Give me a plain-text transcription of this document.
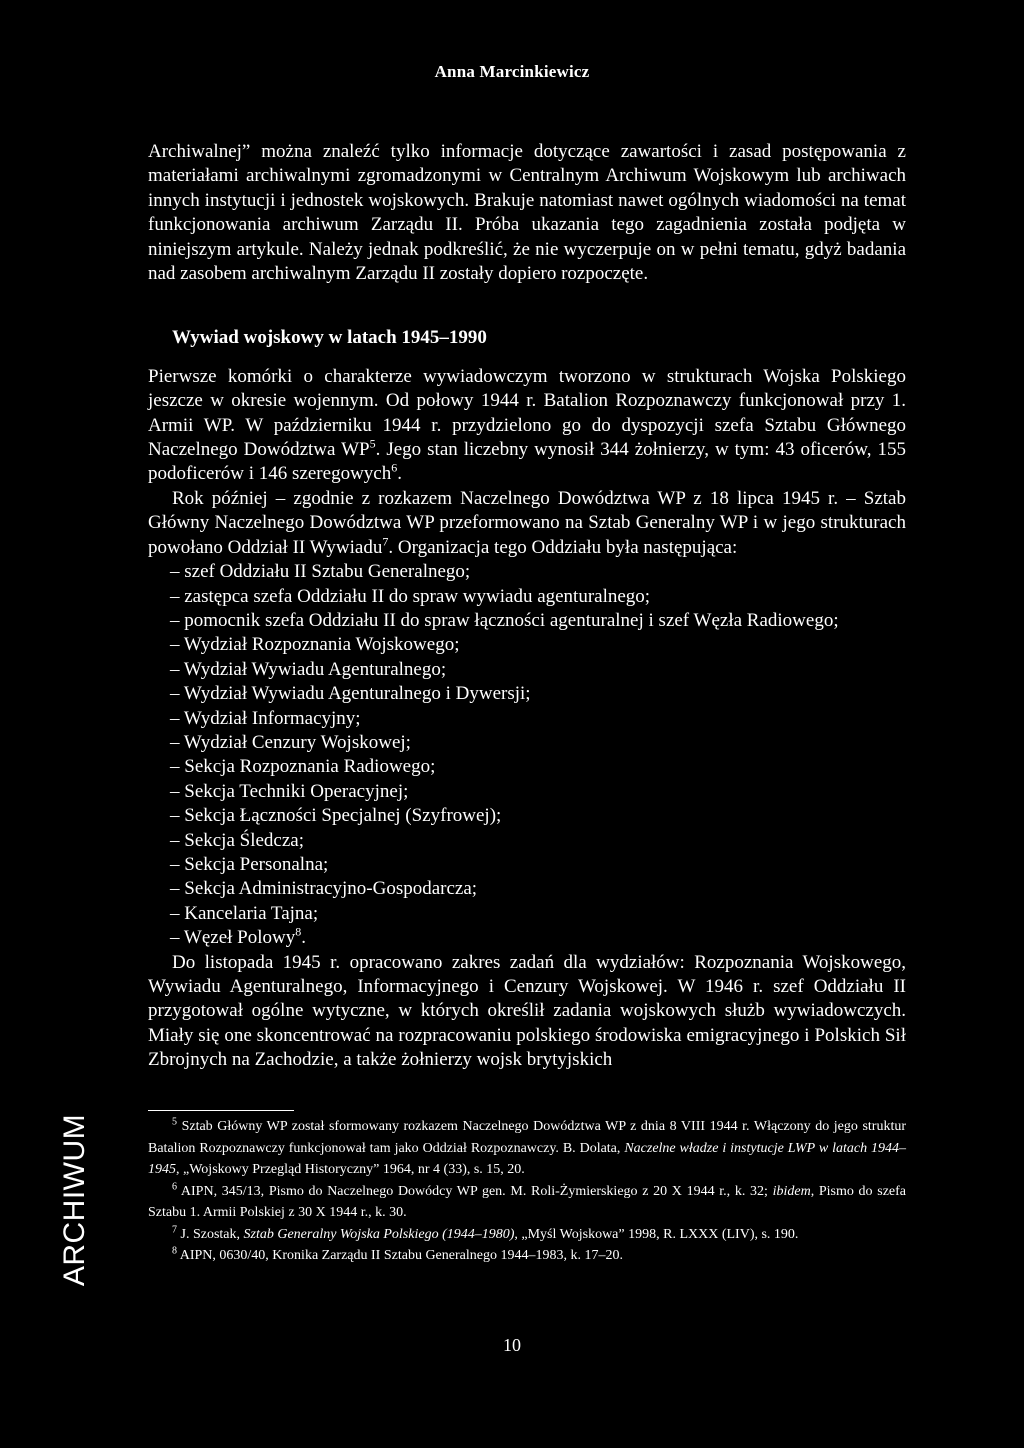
Anna Marcinkiewicz

Archiwalnej” można znaleźć tylko informacje dotyczące zawartości i zasad postępowania z materiałami archiwalnymi zgromadzonymi w Centralnym Archiwum Wojskowym lub archiwach innych instytucji i jednostek wojskowych. Brakuje natomiast nawet ogólnych wiadomości na temat funkcjonowania archiwum Zarządu II. Próba ukazania tego zagadnienia została podjęta w niniejszym artykule. Należy jednak podkreślić, że nie wyczerpuje on w pełni tematu, gdyż badania nad zasobem archiwalnym Zarządu II zostały dopiero rozpoczęte.

Wywiad wojskowy w latach 1945–1990

Pierwsze komórki o charakterze wywiadowczym tworzono w strukturach Wojska Polskiego jeszcze w okresie wojennym. Od połowy 1944 r. Batalion Rozpoznawczy funkcjonował przy 1. Armii WP. W październiku 1944 r. przydzielono go do dyspozycji szefa Sztabu Głównego Naczelnego Dowództwa $WP^5$. Jego stan liczebny wynosił 344 żołnierzy, w tym: 43 oficerów, 155 podoficerów i 146 szeregowych$^6$.

Rok później – zgodnie z rozkazem Naczelnego Dowództwa WP z 18 lipca 1945 r. – Sztab Główny Naczelnego Dowództwa WP przeformowano na Sztab Generalny WP i w jego strukturach powołano Oddział II Wywiadu$^7$. Organizacja tego Oddziału była następująca:

– szef Oddziału II Sztabu Generalnego;
– zastępca szefa Oddziału II do spraw wywiadu agenturalnego;
– pomocnik szefa Oddziału II do spraw łączności agenturalnej i szef Węzła Radiowego;
– Wydział Rozpoznania Wojskowego;
– Wydział Wywiadu Agenturalnego;
– Wydział Wywiadu Agenturalnego i Dywersji;
– Wydział Informacyjny;
– Wydział Cenzury Wojskowej;
– Sekcja Rozpoznania Radiowego;
– Sekcja Techniki Operacyjnej;
– Sekcja Łączności Specjalnej (Szyfrowej);
– Sekcja Śledcza;
– Sekcja Personalna;
– Sekcja Administracyjno-Gospodarcza;
– Kancelaria Tajna;
– Węzeł Polowy$^8$.

Do listopada 1945 r. opracowano zakres zadań dla wydziałów: Rozpoznania Wojskowego, Wywiadu Agenturalnego, Informacyjnego i Cenzury Wojskowej. W 1946 r. szef Oddziału II przygotował ogólne wytyczne, w których określił zadania wojskowych służb wywiadowczych. Miały się one skoncentrować na rozpracowaniu polskiego środowiska emigracyjnego i Polskich Sił Zbrojnych na Zachodzie, a także żołnierzy wojsk brytyjskich

$^5$ Sztab Główny WP został sformowany rozkazem Naczelnego Dowództwa WP z dnia 8 VIII 1944 r. Włączony do jego struktur Batalion Rozpoznawczy funkcjonował tam jako Oddział Rozpoznawczy. B. Dolata, Naczelne władze i instytucje LWP w latach 1944–1945, „Wojskowy Przegląd Historyczny” 1964, nr 4 (33), s. 15, 20.

$^6$ AIPN, 345/13, Pismo do Naczelnego Dowódcy WP gen. M. Roli-Żymierskiego z 20 X 1944 r., k. 32; ibidem, Pismo do szefa Sztabu 1. Armii Polskiej z 30 X 1944 r., k. 30.

$^7$ J. Szostak, Sztab Generalny Wojska Polskiego (1944–1980), „Myśl Wojskowa” 1998, R. LXXX (LIV), s. 190.

$^8$ AIPN, 0630/40, Kronika Zarządu II Sztabu Generalnego 1944–1983, k. 17–20.

10
ARCHIWUM
